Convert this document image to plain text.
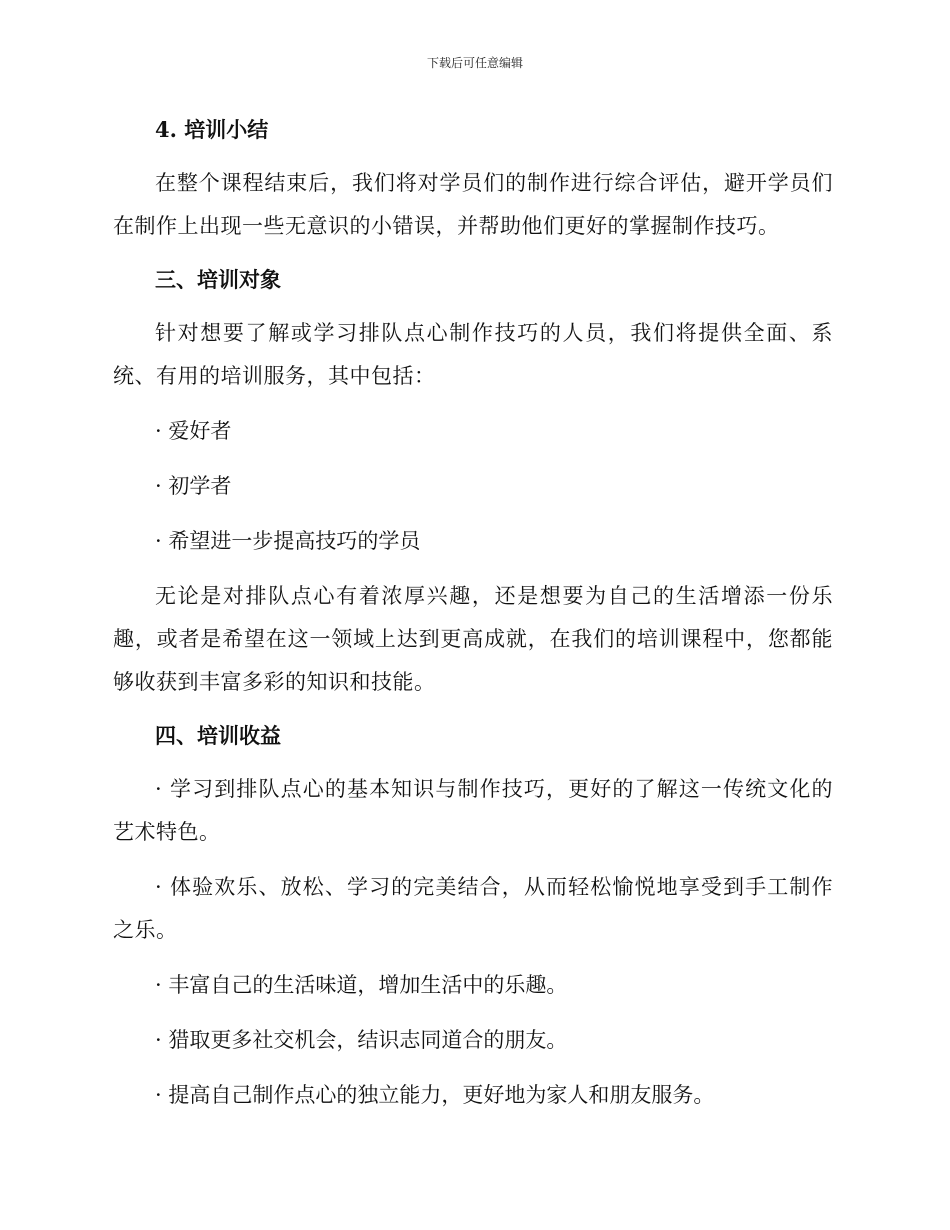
下载后可任意编辑
4. 培训小结
在整个课程结束后，我们将对学员们的制作进行综合评估，避开学员们在制作上出现一些无意识的小错误，并帮助他们更好的掌握制作技巧。
三、培训对象
针对想要了解或学习排队点心制作技巧的人员，我们将提供全面、系统、有用的培训服务，其中包括：
· 爱好者
· 初学者
· 希望进一步提高技巧的学员
无论是对排队点心有着浓厚兴趣，还是想要为自己的生活增添一份乐趣，或者是希望在这一领域上达到更高成就，在我们的培训课程中，您都能够收获到丰富多彩的知识和技能。
四、培训收益
· 学习到排队点心的基本知识与制作技巧，更好的了解这一传统文化的艺术特色。
· 体验欢乐、放松、学习的完美结合，从而轻松愉悦地享受到手工制作之乐。
· 丰富自己的生活味道，增加生活中的乐趣。
· 猎取更多社交机会，结识志同道合的朋友。
· 提高自己制作点心的独立能力，更好地为家人和朋友服务。
